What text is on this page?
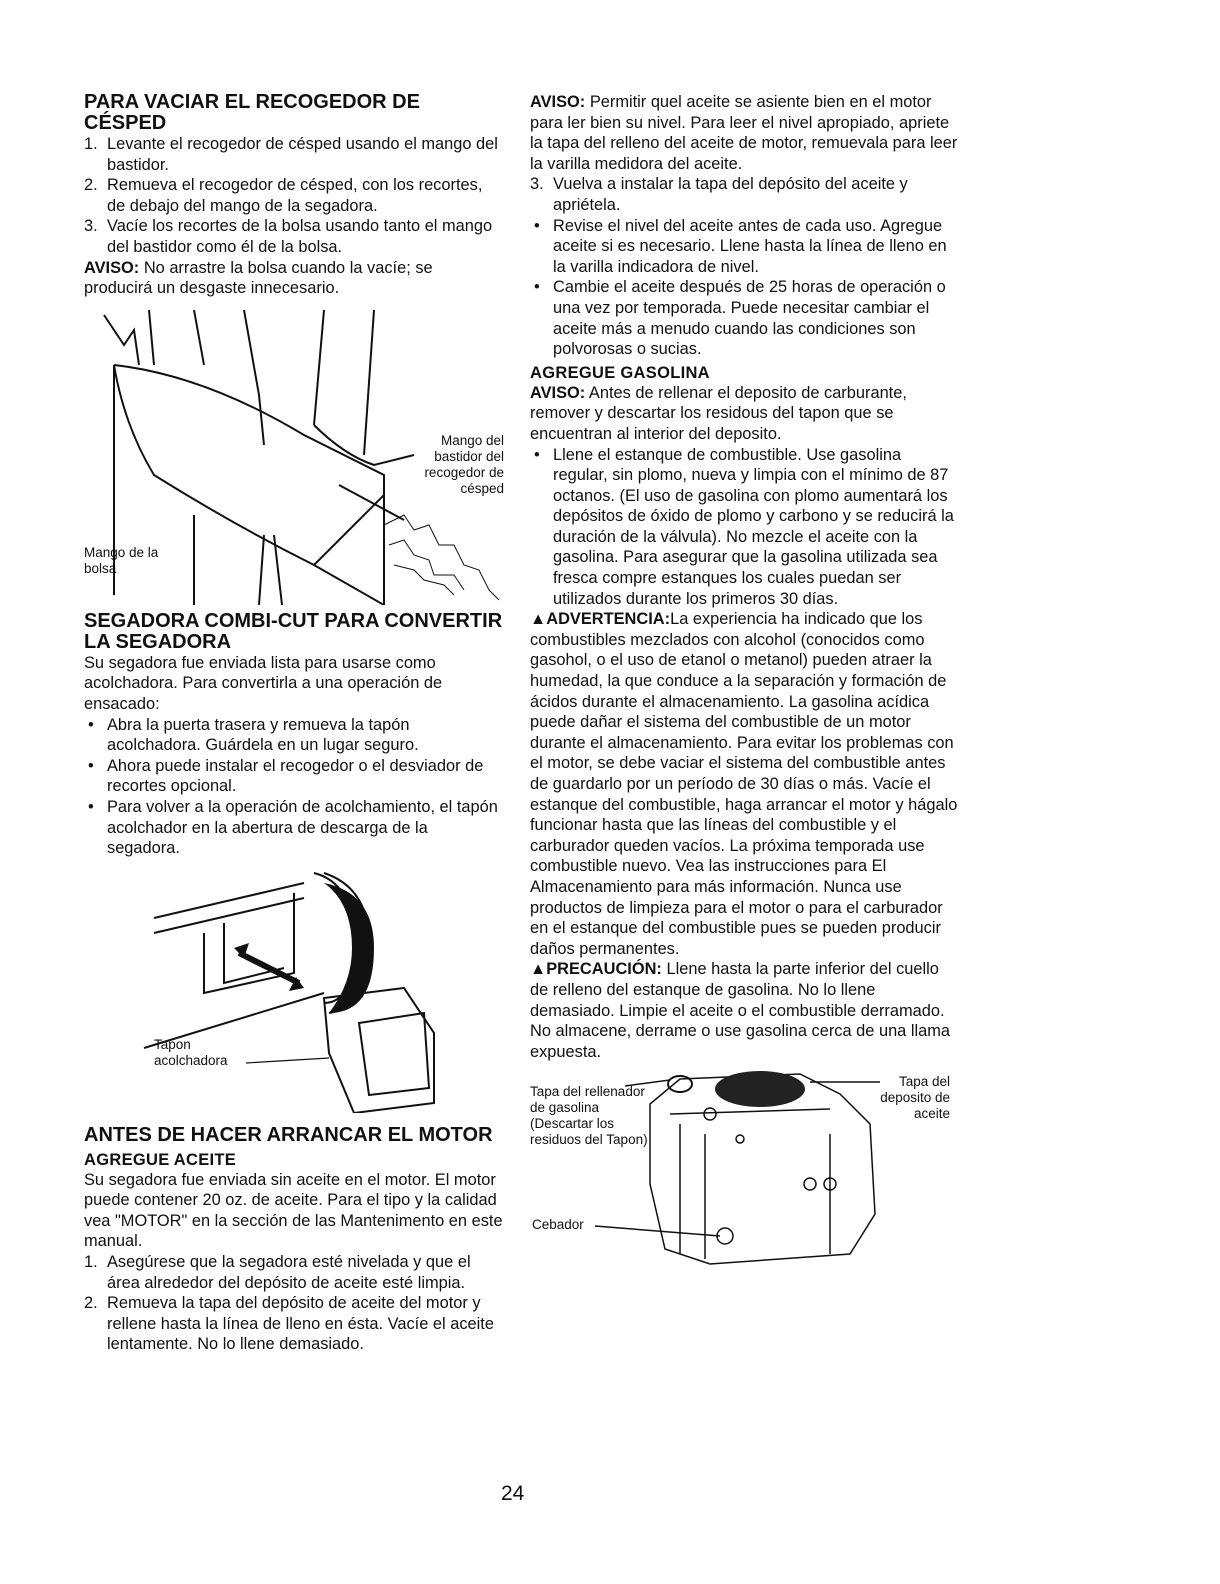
PARA VACIAR EL RECOGEDOR DE CÉSPED
1. Levante el recogedor de césped usando el mango del bastidor.
2. Remueva el recogedor de césped, con los recortes, de debajo del mango de la segadora.
3. Vacíe los recortes de la bolsa usando tanto el mango del bastidor como él de la bolsa.

AVISO: No arrastre la bolsa cuando la vacíe; se producirá un desgaste innecesario.

Mango del bastidor del recogedor de césped
Mango de la bolsa
SEGADORA COMBI-CUT PARA CONVERTIR LA SEGADORA

Su segadora fue enviada lista para usarse como acolchadora. Para convertirla a una operación de ensacado:

• Abra la puerta trasera y remueva la tapón acolchadora. Guárdela en un lugar seguro.
• Ahora puede instalar el recogedor o el desviador de recortes opcional.
• Para volver a la operación de acolchamiento, el tapón acolchador en la abertura de descarga de la segadora.
Tapon acolchadora
ANTES DE HACER ARRANCAR EL MOTOR
AGREGUE ACEITE

Su segadora fue enviada sin aceite en el motor. El motor puede contener 20 oz. de aceite. Para el tipo y la calidad vea "MOTOR" en la sección de las Mantenimento en este manual.

1. Asegúrese que la segadora esté nivelada y que el área alrededor del depósito de aceite esté limpia.
2. Remueva la tapa del depósito de aceite del motor y rellene hasta la línea de lleno en ésta. Vacíe el aceite lentamente. No lo llene demasiado.

AVISO: Permitir quel aceite se asiente bien en el motor para ler bien su nivel. Para leer el nivel apropiado, apriete la tapa del relleno del aceite de motor, remuevala para leer la varilla medidora del aceite.

3. Vuelva a instalar la tapa del depósito del aceite y apriétela.
• Revise el nivel del aceite antes de cada uso. Agregue aceite si es necesario. Llene hasta la línea de lleno en la varilla indicadora de nivel.
• Cambie el aceite después de 25 horas de operación o una vez por temporada. Puede necesitar cambiar el aceite más a menudo cuando las condiciones son polvorosas o sucias.
AGREGUE GASOLINA

AVISO: Antes de rellenar el deposito de carburante, remover y descartar los residous del tapon que se encuentran al interior del deposito.

• Llene el estanque de combustible. Use gasolina regular, sin plomo, nueva y limpia con el mínimo de 87 octanos. (El uso de gasolina con plomo aumentará los depósitos de óxido de plomo y carbono y se reducirá la duración de la válvula). No mezcle el aceite con la gasolina. Para asegurar que la gasolina utilizada sea fresca compre estanques los cuales puedan ser utilizados durante los primeros 30 días.

▲ADVERTENCIA:La experiencia ha indicado que los combustibles mezclados con alcohol (conocidos como gasohol, o el uso de etanol o metanol) pueden atraer la humedad, la que conduce a la separación y formación de ácidos durante el almacenamiento. La gasolina acídica puede dañar el sistema del combustible de un motor durante el almacenamiento. Para evitar los problemas con el motor, se debe vaciar el sistema del combustible antes de guardarlo por un período de 30 días o más. Vacíe el estanque del combustible, haga arrancar el motor y hágalo funcionar hasta que las líneas del combustible y el carburador queden vacíos. La próxima temporada use combustible nuevo. Vea las instrucciones para El Almacenamiento para más información. Nunca use productos de limpieza para el motor o para el carburador en el estanque del combustible pues se pueden producir daños permanentes.

▲PRECAUCIÓN: Llene hasta la parte inferior del cuello de relleno del estanque de gasolina. No lo llene demasiado. Limpie el aceite o el combustible derramado. No almacene, derrame o use gasolina cerca de una llama expuesta.

Tapa del rellenador de gasolina (Descartar los residuos del Tapon)
Tapa del deposito de aceite
Cebador
24
